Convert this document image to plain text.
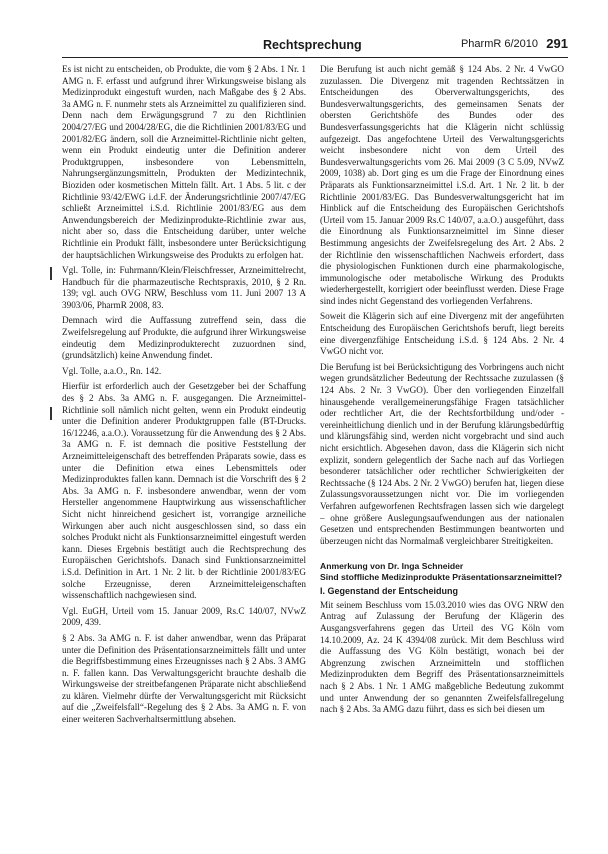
Rechtsprechung	PharmR 6/2010 291

Es ist nicht zu entscheiden, ob Produkte, die vom § 2 Abs. 1 Nr. 1 AMG n. F. erfasst und aufgrund ihrer Wirkungsweise bislang als Medizinprodukt eingestuft wurden, nach Maßgabe des § 2 Abs. 3a AMG n. F. nunmehr stets als Arzneimittel zu qualifizieren sind. Denn nach dem Erwägungsgrund 7 zu den Richtlinien 2004/27/EG und 2004/28/EG, die die Richtlinien 2001/83/EG und 2001/82/EG ändern, soll die Arzneimittel-Richtlinie nicht gelten, wenn ein Produkt eindeutig unter die Definition anderer Produktgruppen, insbesondere von Lebensmitteln, Nahrungsergänzungsmitteln, Produkten der Medizintechnik, Bioziden oder kosmetischen Mitteln fällt. Art. 1 Abs. 5 lit. c der Richtlinie 93/42/EWG i.d.F. der Änderungsrichtlinie 2007/47/EG schließt Arzneimittel i.S.d. Richtlinie 2001/83/EG aus dem Anwendungsbereich der Medizinprodukte-Richtlinie zwar aus, nicht aber so, dass die Entscheidung darüber, unter welche Richtlinie ein Produkt fällt, insbesondere unter Berücksichtigung der hauptsächlichen Wirkungsweise des Produkts zu erfolgen hat.

Vgl. Tolle, in: Fuhrmann/Klein/Fleischfresser, Arzneimittelrecht, Handbuch für die pharmazeutische Rechtspraxis, 2010, § 2 Rn. 139; vgl. auch OVG NRW, Beschluss vom 11. Juni 2007 13 A 3903/06, PharmR 2008, 83.

Demnach wird die Auffassung zutreffend sein, dass die Zweifelsregelung auf Produkte, die aufgrund ihrer Wirkungsweise eindeutig dem Medizinprodukterecht zuzuordnen sind, (grundsätzlich) keine Anwendung findet.

Vgl. Tolle, a.a.O., Rn. 142.

Hierfür ist erforderlich auch der Gesetzgeber bei der Schaffung des § 2 Abs. 3a AMG n. F. ausgegangen. Die Arzneimittel-Richtlinie soll nämlich nicht gelten, wenn ein Produkt eindeutig unter die Definition anderer Produktgruppen falle (BT-Drucks. 16/12246, a.a.O.). Voraussetzung für die Anwendung des § 2 Abs. 3a AMG n. F. ist demnach die positive Feststellung der Arzneimitteleigenschaft des betreffenden Präparats sowie, dass es unter die Definition etwa eines Lebensmittels oder Medizinproduktes fallen kann. Demnach ist die Vorschrift des § 2 Abs. 3a AMG n. F. insbesondere anwendbar, wenn der vom Hersteller angenommene Hauptwirkung aus wissenschaftlicher Sicht nicht hinreichend gesichert ist, vorrangige arzneiliche Wirkungen aber auch nicht ausgeschlossen sind, so dass ein solches Produkt nicht als Funktionsarzneimittel eingestuft werden kann. Dieses Ergebnis bestätigt auch die Rechtsprechung des Europäischen Gerichtshofs. Danach sind Funktionsarzneimittel i.S.d. Definition in Art. 1 Nr. 2 lit. b der Richtlinie 2001/83/EG solche Erzeugnisse, deren Arzneimitteleigenschaften wissenschaftlich nachgewiesen sind.

Vgl. EuGH, Urteil vom 15. Januar 2009, Rs.C 140/07, NVwZ 2009, 439.

§ 2 Abs. 3a AMG n. F. ist daher anwendbar, wenn das Präparat unter die Definition des Präsentationsarzneimittels fällt und unter die Begriffsbestimmung eines Erzeugnisses nach § 2 Abs. 3 AMG n. F. fallen kann. Das Verwaltungsgericht brauchte deshalb die Wirkungsweise der streitbefangenen Präparate nicht abschließend zu klären. Vielmehr dürfte der Verwaltungsgericht mit Rücksicht auf die „Zweifelsfall“-Regelung des § 2 Abs. 3a AMG n. F. von einer weiteren Sachverhaltsermittlung absehen.

Die Berufung ist auch nicht gemäß § 124 Abs. 2 Nr. 4 VwGO zuzulassen. Die Divergenz mit tragenden Rechtssätzen in Entscheidungen des Oberverwaltungsgerichts, des Bundesverwaltungsgerichts, des gemeinsamen Senats der obersten Gerichtshöfe des Bundes oder des Bundesverfassungsgerichts hat die Klägerin nicht schlüssig aufgezeigt. Das angefochtene Urteil des Verwaltungsgerichts weicht insbesondere nicht von dem Urteil des Bundesverwaltungsgerichts vom 26. Mai 2009 (3 C 5.09, NVwZ 2009, 1038) ab. Dort ging es um die Frage der Einordnung eines Präparats als Funktionsarzneimittel i.S.d. Art. 1 Nr. 2 lit. b der Richtlinie 2001/83/EG. Das Bundesverwaltungsgericht hat im Hinblick auf die Entscheidung des Europäischen Gerichtshofs (Urteil vom 15. Januar 2009 Rs.C 140/07, a.a.O.) ausgeführt, dass die Einordnung als Funktionsarzneimittel im Sinne dieser Bestimmung angesichts der Zweifelsregelung des Art. 2 Abs. 2 der Richtlinie den wissenschaftlichen Nachweis erfordert, dass die physiologischen Funktionen durch eine pharmakologische, immunologische oder metabolische Wirkung des Produkts wiederhergestellt, korrigiert oder beeinflusst werden. Diese Frage sind indes nicht Gegenstand des vorliegenden Verfahrens.

Soweit die Klägerin sich auf eine Divergenz mit der angeführten Entscheidung des Europäischen Gerichtshofs beruft, liegt bereits eine divergenzfähige Entscheidung i.S.d. § 124 Abs. 2 Nr. 4 VwGO nicht vor.

Die Berufung ist bei Berücksichtigung des Vorbringens auch nicht wegen grundsätzlicher Bedeutung der Rechtssache zuzulassen (§ 124 Abs. 2 Nr. 3 VwGO). Über den vorliegenden Einzelfall hinausgehende verallgemeinerungsfähige Fragen tatsächlicher oder rechtlicher Art, die der Rechtsfortbildung und/oder -vereinheitlichung dienlich und in der Berufung klärungsbedürftig und klärungsfähig sind, werden nicht vorgebracht und sind auch nicht ersichtlich. Abgesehen davon, dass die Klägerin sich nicht explizit, sondern gelegentlich der Sache nach auf das Vorliegen besonderer tatsächlicher oder rechtlicher Schwierigkeiten der Rechtssache (§ 124 Abs. 2 Nr. 2 VwGO) berufen hat, liegen diese Zulassungsvoraussetzungen nicht vor. Die im vorliegenden Verfahren aufgeworfenen Rechtsfragen lassen sich wie dargelegt – ohne größere Auslegungsaufwendungen aus der nationalen Gesetzen und entsprechenden Bestimmungen beantworten und überzeugen nicht das Normalmaß vergleichbarer Streitigkeiten.

Anmerkung von Dr. Inga Schneider
Sind stoffliche Medizinprodukte Präsentationsarzneimittel?
I. Gegenstand der Entscheidung

Mit seinem Beschluss vom 15.03.2010 wies das OVG NRW den Antrag auf Zulassung der Berufung der Klägerin des Ausgangsverfahrens gegen das Urteil des VG Köln vom 14.10.2009, Az. 24 K 4394/08 zurück. Mit dem Beschluss wird die Auffassung des VG Köln bestätigt, wonach bei der Abgrenzung zwischen Arzneimitteln und stofflichen Medizinprodukten dem Begriff des Präsentationsarzneimittels nach § 2 Abs. 1 Nr. 1 AMG maßgebliche Bedeutung zukommt und unter Anwendung der so genannten Zweifelsfallregelung nach § 2 Abs. 3a AMG dazu führt, dass es sich bei diesen um
